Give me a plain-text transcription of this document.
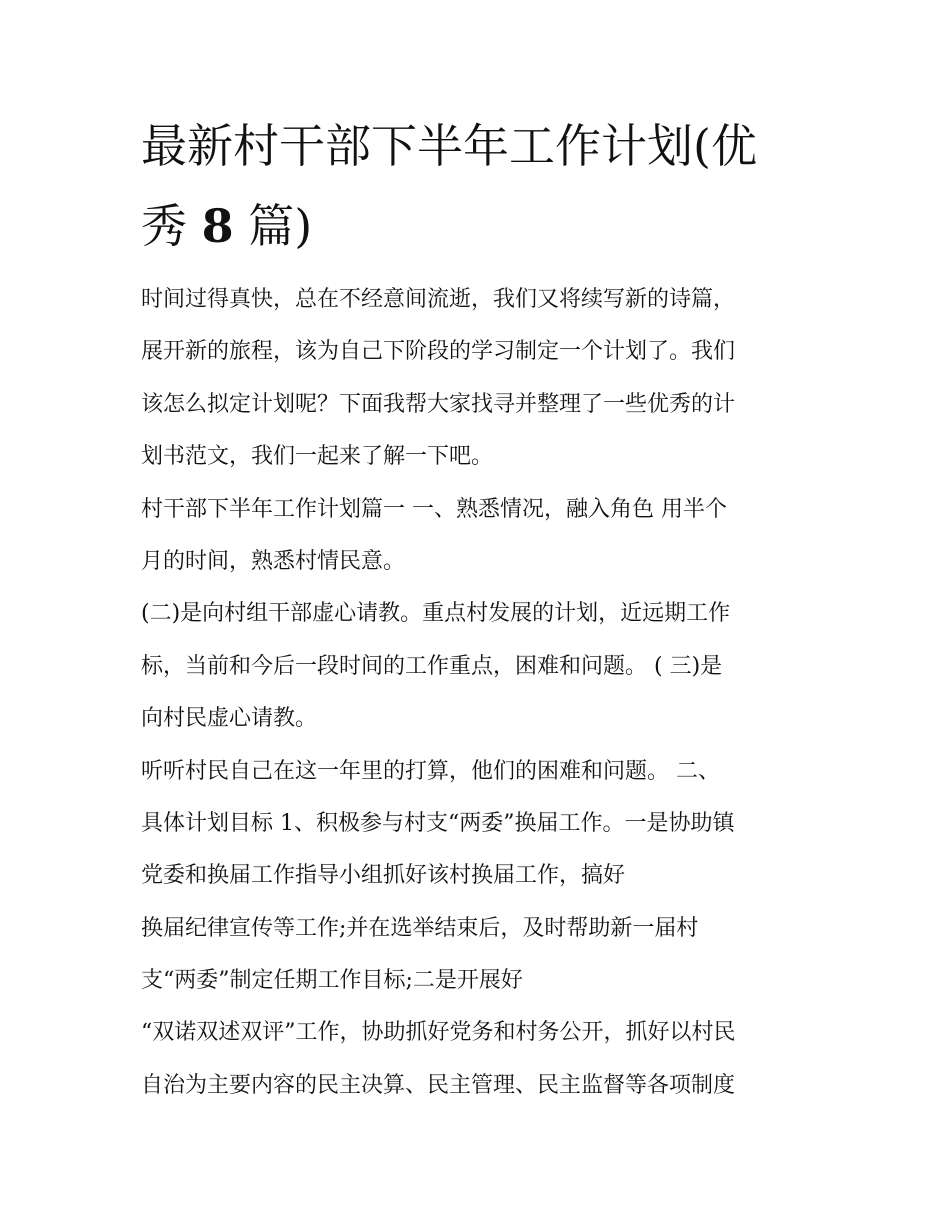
最新村干部下半年工作计划(优
秀 8 篇)
时间过得真快，总在不经意间流逝，我们又将续写新的诗篇，
展开新的旅程，该为自己下阶段的学习制定一个计划了。我们
该怎么拟定计划呢？下面我帮大家找寻并整理了一些优秀的计
划书范文，我们一起来了解一下吧。
村干部下半年工作计划篇一 一、熟悉情况，融入角色 用半个
月的时间，熟悉村情民意。
(二)是向村组干部虚心请教。重点村发展的计划，近远期工作
标，当前和今后一段时间的工作重点，困难和问题。 ( 三)是
向村民虚心请教。
听听村民自己在这一年里的打算，他们的困难和问题。 二、
具体计划目标 1、积极参与村支“两委”换届工作。一是协助镇
党委和换届工作指导小组抓好该村换届工作，搞好
换届纪律宣传等工作;并在选举结束后，及时帮助新一届村
支“两委”制定任期工作目标;二是开展好
“双诺双述双评”工作，协助抓好党务和村务公开，抓好以村民
自治为主要内容的民主决算、民主管理、民主监督等各项制度
